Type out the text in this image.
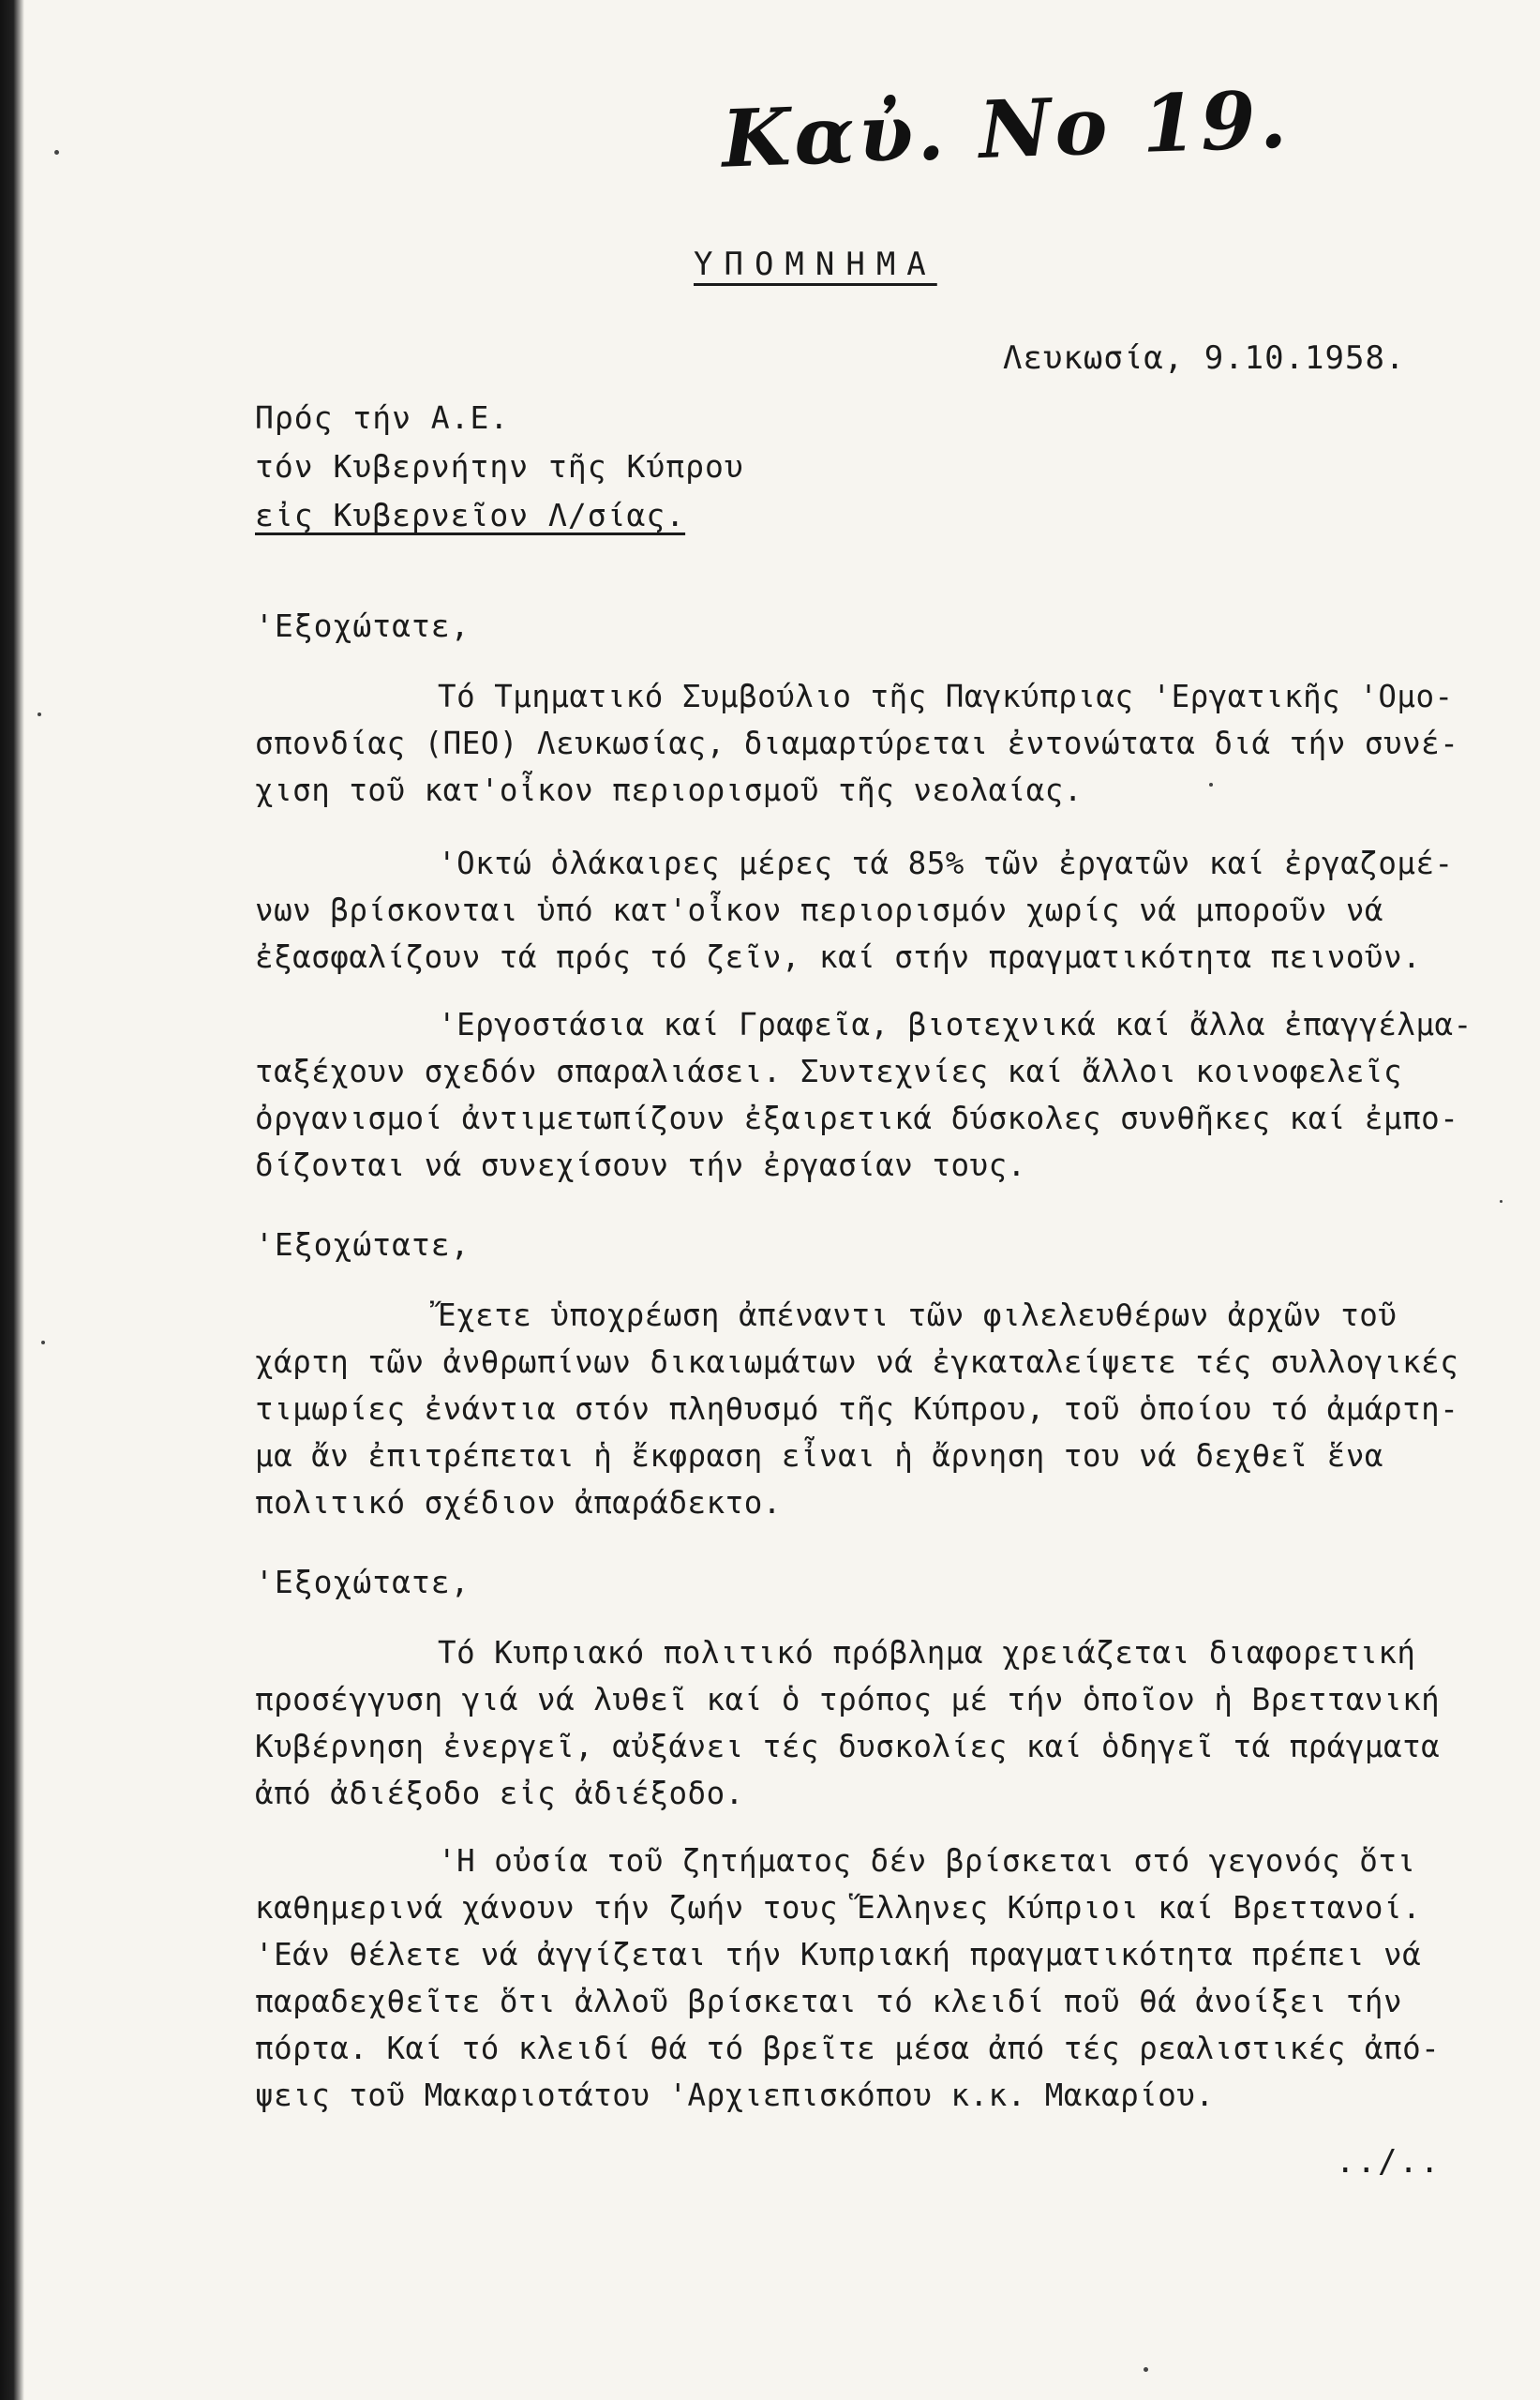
Καὐ. No 19.
ΥΠΟΜΝΗΜΑ
Λευκωσία, 9.10.1958.
Πρός τήν Α.Ε.
τόν Κυβερνήτην τῆς Κύπρου
εἰς Κυβερνεῖον Λ/σίας.
'Εξοχώτατε,
Τό Τμηματικό Συμβούλιο τῆς Παγκύπριας 'Εργατικῆς 'Ομο-
σπονδίας (ΠΕΟ) Λευκωσίας, διαμαρτύρεται ἐντονώτατα διά τήν συνέ-
χιση τοῦ κατ'οἶκον περιορισμοῦ τῆς νεολαίας.
'Οκτώ ὁλάκαιρες μέρες τά 85% τῶν ἐργατῶν καί ἐργαζομέ-
νων βρίσκονται ὑπό κατ'οἶκον περιορισμόν χωρίς νά μποροῦν νά
ἐξασφαλίζουν τά πρός τό ζεῖν, καί στήν πραγματικότητα πεινοῦν.
'Εργοστάσια καί Γραφεῖα, βιοτεχνικά καί ἄλλα ἐπαγγέλμα-
ταξέχουν σχεδόν σπαραλιάσει. Συντεχνίες καί ἄλλοι κοινοφελεῖς
ὀργανισμοί ἀντιμετωπίζουν ἐξαιρετικά δύσκολες συνθῆκες καί ἐμπο-
δίζονται νά συνεχίσουν τήν ἐργασίαν τους.
'Εξοχώτατε,
Ἔχετε ὑποχρέωση ἀπέναντι τῶν φιλελευθέρων ἀρχῶν τοῦ
χάρτη τῶν ἀνθρωπίνων δικαιωμάτων νά ἐγκαταλείψετε τές συλλογικές
τιμωρίες ἐνάντια στόν πληθυσμό τῆς Κύπρου, τοῦ ὁποίου τό ἀμάρτη-
μα ἄν ἐπιτρέπεται ἡ ἔκφραση εἶναι ἡ ἄρνηση του νά δεχθεῖ ἕνα
πολιτικό σχέδιον ἀπαράδεκτο.
'Εξοχώτατε,
Τό Κυπριακό πολιτικό πρόβλημα χρειάζεται διαφορετική
προσέγγυση γιά νά λυθεῖ καί ὁ τρόπος μέ τήν ὁποῖον ἡ Βρεττανική
Κυβέρνηση ἐνεργεῖ, αὐξάνει τές δυσκολίες καί ὁδηγεῖ τά πράγματα
ἀπό ἀδιέξοδο εἰς ἀδιέξοδο.
'Η οὐσία τοῦ ζητήματος δέν βρίσκεται στό γεγονός ὅτι
καθημερινά χάνουν τήν ζωήν τους Ἕλληνες Κύπριοι καί Βρεττανοί.
'Εάν θέλετε νά ἀγγίζεται τήν Κυπριακή πραγματικότητα πρέπει νά
παραδεχθεῖτε ὅτι ἀλλοῦ βρίσκεται τό κλειδί ποῦ θά ἀνοίξει τήν
πόρτα. Καί τό κλειδί θά τό βρεῖτε μέσα ἀπό τές ρεαλιστικές ἀπό-
ψεις τοῦ Μακαριοτάτου 'Αρχιεπισκόπου κ.κ. Μακαρίου.
../..
